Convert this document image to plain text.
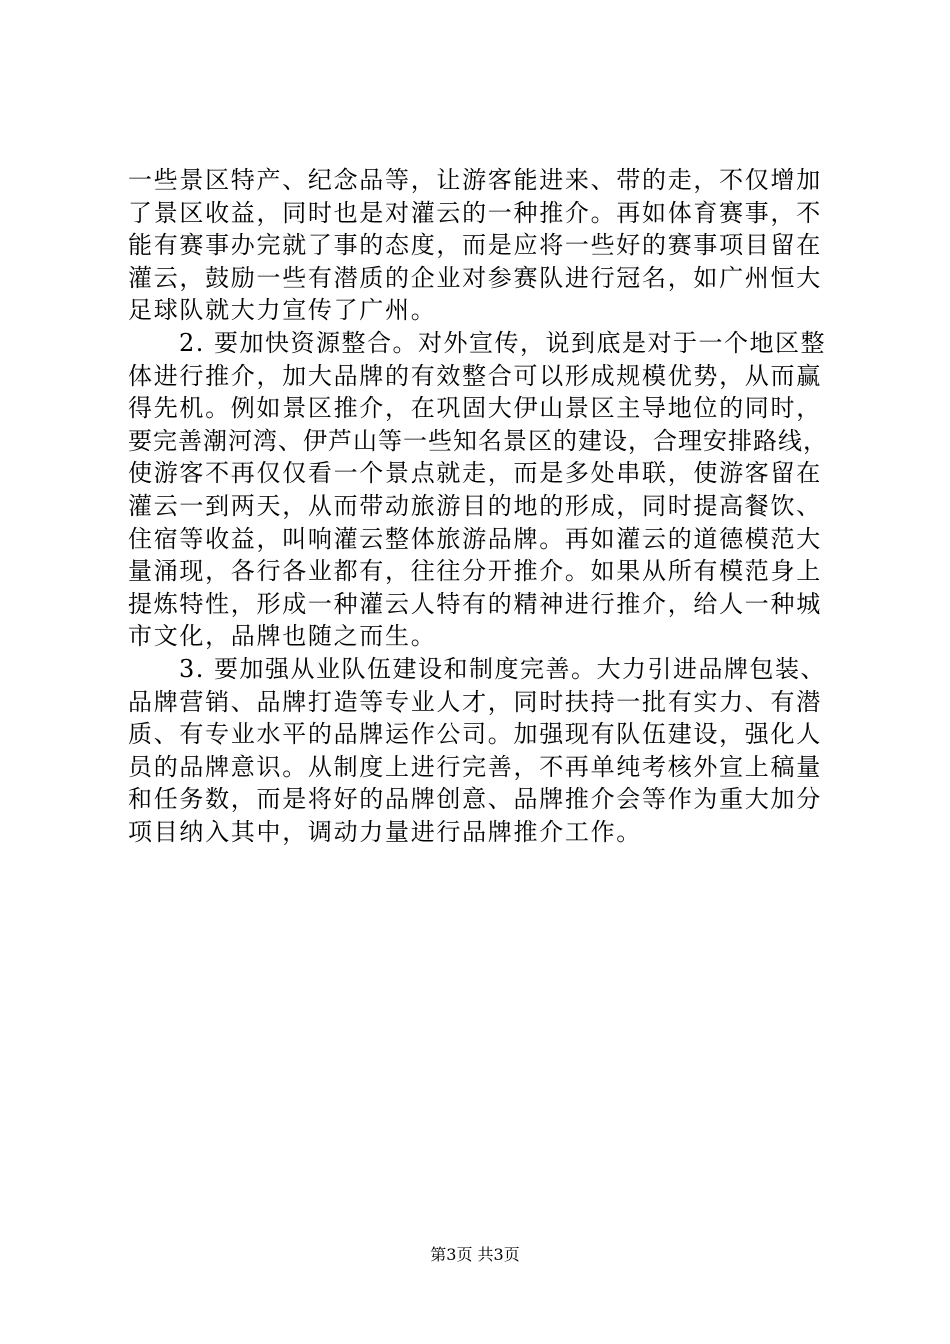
一些景区特产、纪念品等，让游客能进来、带的走，不仅增加
了景区收益，同时也是对灌云的一种推介。再如体育赛事，不
能有赛事办完就了事的态度，而是应将一些好的赛事项目留在
灌云，鼓励一些有潜质的企业对参赛队进行冠名，如广州恒大
足球队就大力宣传了广州。
　　2. 要加快资源整合。对外宣传，说到底是对于一个地区整
体进行推介，加大品牌的有效整合可以形成规模优势，从而赢
得先机。例如景区推介，在巩固大伊山景区主导地位的同时，
要完善潮河湾、伊芦山等一些知名景区的建设，合理安排路线，
使游客不再仅仅看一个景点就走，而是多处串联，使游客留在
灌云一到两天，从而带动旅游目的地的形成，同时提高餐饮、
住宿等收益，叫响灌云整体旅游品牌。再如灌云的道德模范大
量涌现，各行各业都有，往往分开推介。如果从所有模范身上
提炼特性，形成一种灌云人特有的精神进行推介，给人一种城
市文化，品牌也随之而生。
　　3. 要加强从业队伍建设和制度完善。大力引进品牌包装、
品牌营销、品牌打造等专业人才，同时扶持一批有实力、有潜
质、有专业水平的品牌运作公司。加强现有队伍建设，强化人
员的品牌意识。从制度上进行完善，不再单纯考核外宣上稿量
和任务数，而是将好的品牌创意、品牌推介会等作为重大加分
项目纳入其中，调动力量进行品牌推介工作。
第3页 共3页
